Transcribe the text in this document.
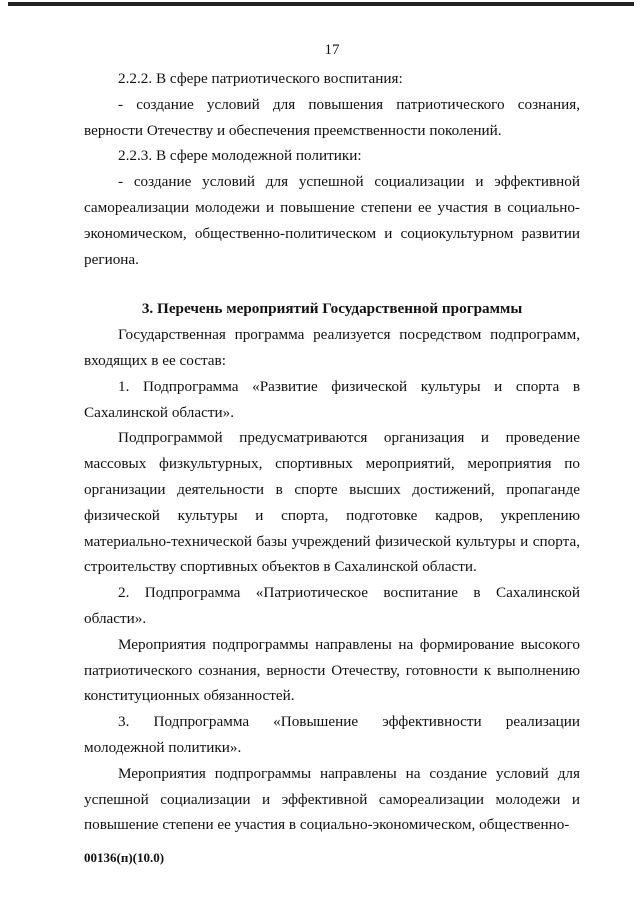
17

2.2.2. В сфере патриотического воспитания:

- создание условий для повышения патриотического сознания, верности Отечеству и обеспечения преемственности поколений.

2.2.3. В сфере молодежной политики:

- создание условий для успешной социализации и эффективной самореализации молодежи и повышение степени ее участия в социально-экономическом, общественно-политическом и социокультурном развитии региона.

3. Перечень мероприятий Государственной программы

Государственная программа реализуется посредством подпрограмм, входящих в ее состав:

1. Подпрограмма «Развитие физической культуры и спорта в Сахалинской области».

Подпрограммой предусматриваются организация и проведение массовых физкультурных, спортивных мероприятий, мероприятия по организации деятельности в спорте высших достижений, пропаганде физической культуры и спорта, подготовке кадров, укреплению материально-технической базы учреждений физической культуры и спорта, строительству спортивных объектов в Сахалинской области.

2. Подпрограмма «Патриотическое воспитание в Сахалинской области».

Мероприятия подпрограммы направлены на формирование высокого патриотического сознания, верности Отечеству, готовности к выполнению конституционных обязанностей.

3. Подпрограмма «Повышение эффективности реализации молодежной политики».

Мероприятия подпрограммы направлены на создание условий для успешной социализации и эффективной самореализации молодежи и повышение степени ее участия в социально-экономическом, общественно-

00136(п)(10.0)
